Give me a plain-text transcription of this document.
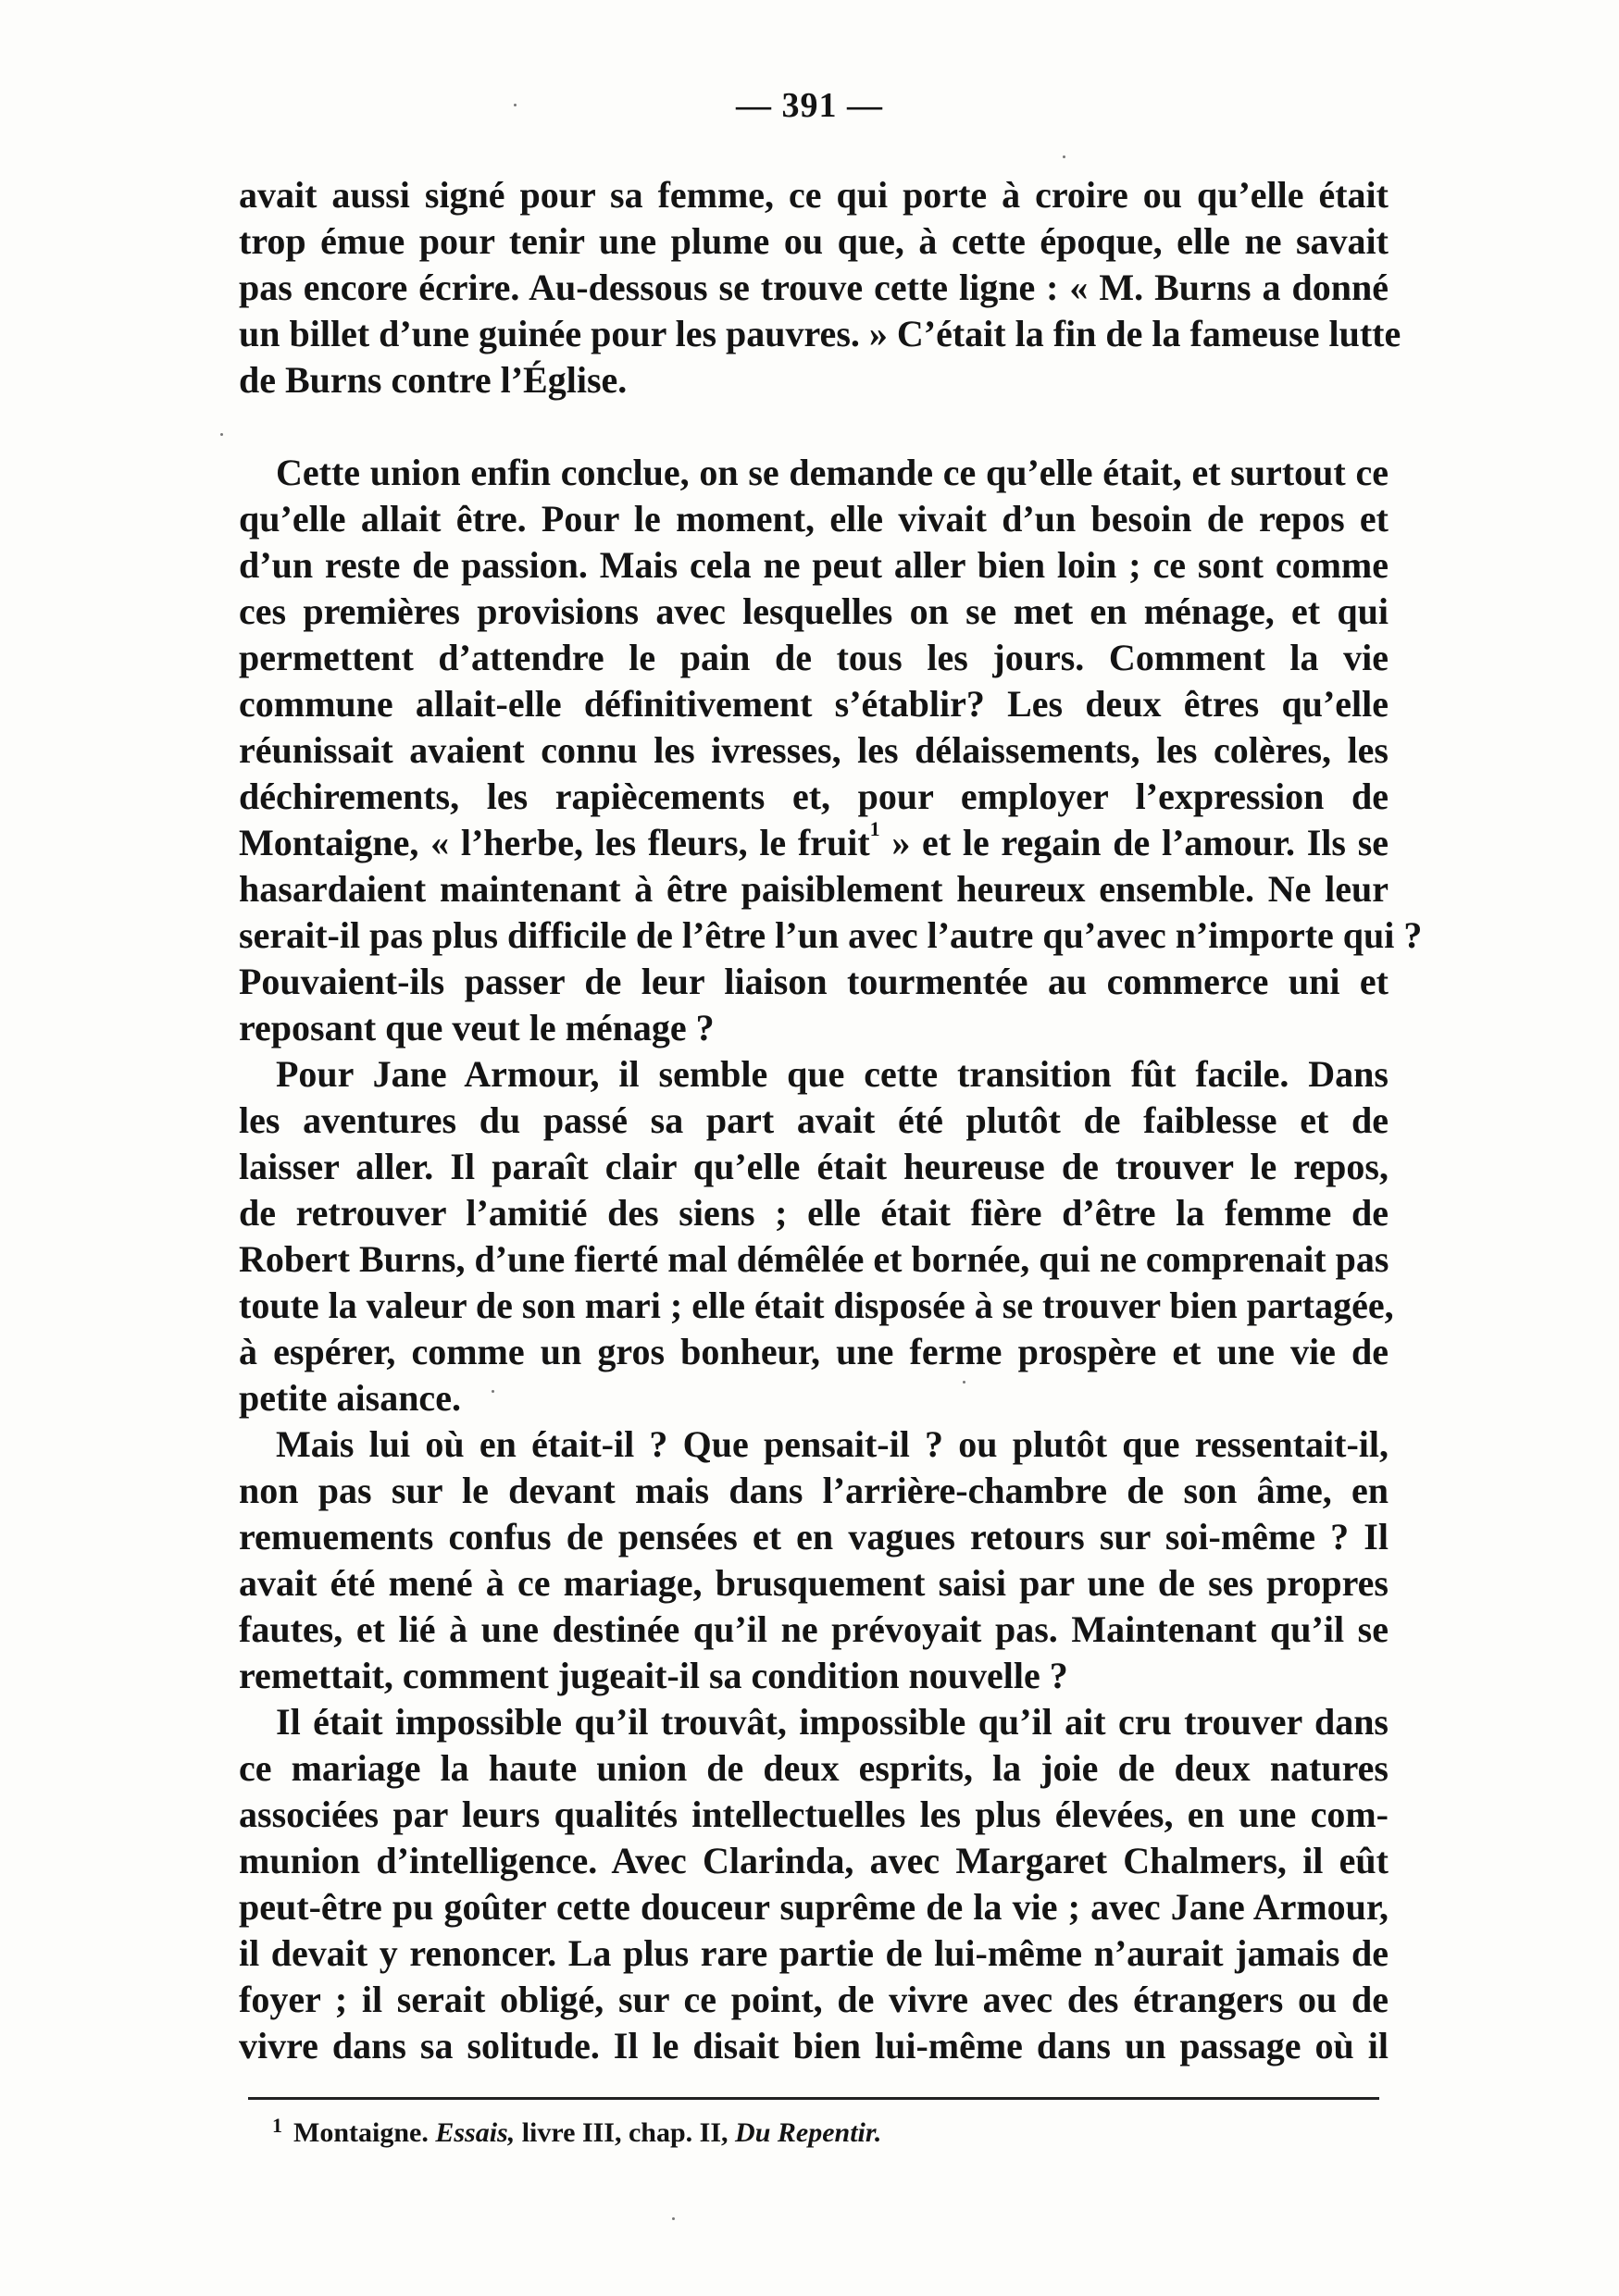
— 391 —
avait aussi signé pour sa femme, ce qui porte à croire ou qu’elle était
trop émue pour tenir une plume ou que, à cette époque, elle ne savait
pas encore écrire. Au-dessous se trouve cette ligne : « M. Burns a donné
un billet d’une guinée pour les pauvres. » C’était la fin de la fameuse lutte
de Burns contre l’Église.
Cette union enfin conclue, on se demande ce qu’elle était, et surtout ce
qu’elle allait être. Pour le moment, elle vivait d’un besoin de repos et
d’un reste de passion. Mais cela ne peut aller bien loin ; ce sont comme
ces premières provisions avec lesquelles on se met en ménage, et qui
permettent d’attendre le pain de tous les jours. Comment la vie
commune allait-elle définitivement s’établir? Les deux êtres qu’elle
réunissait avaient connu les ivresses, les délaissements, les colères, les
déchirements, les rapiècements et, pour employer l’expression de
Montaigne, « l’herbe, les fleurs, le fruit$^1$ » et le regain de l’amour. Ils se
hasardaient maintenant à être paisiblement heureux ensemble. Ne leur
serait-il pas plus difficile de l’être l’un avec l’autre qu’avec n’importe qui ?
Pouvaient-ils passer de leur liaison tourmentée au commerce uni et
reposant que veut le ménage ?
Pour Jane Armour, il semble que cette transition fût facile. Dans
les aventures du passé sa part avait été plutôt de faiblesse et de
laisser aller. Il paraît clair qu’elle était heureuse de trouver le repos,
de retrouver l’amitié des siens ; elle était fière d’être la femme de
Robert Burns, d’une fierté mal démêlée et bornée, qui ne comprenait pas
toute la valeur de son mari ; elle était disposée à se trouver bien partagée,
à espérer, comme un gros bonheur, une ferme prospère et une vie de
petite aisance.
Mais lui où en était-il ? Que pensait-il ? ou plutôt que ressentait-il,
non pas sur le devant mais dans l’arrière-chambre de son âme, en
remuements confus de pensées et en vagues retours sur soi-même ? Il
avait été mené à ce mariage, brusquement saisi par une de ses propres
fautes, et lié à une destinée qu’il ne prévoyait pas. Maintenant qu’il se
remettait, comment jugeait-il sa condition nouvelle ?
Il était impossible qu’il trouvât, impossible qu’il ait cru trouver dans
ce mariage la haute union de deux esprits, la joie de deux natures
associées par leurs qualités intellectuelles les plus élevées, en une com-
munion d’intelligence. Avec Clarinda, avec Margaret Chalmers, il eût
peut-être pu goûter cette douceur suprême de la vie ; avec Jane Armour,
il devait y renoncer. La plus rare partie de lui-même n’aurait jamais de
foyer ; il serait obligé, sur ce point, de vivre avec des étrangers ou de
vivre dans sa solitude. Il le disait bien lui-même dans un passage où il
$^1$ Montaigne. Essais, livre III, chap. II, Du Repentir.
